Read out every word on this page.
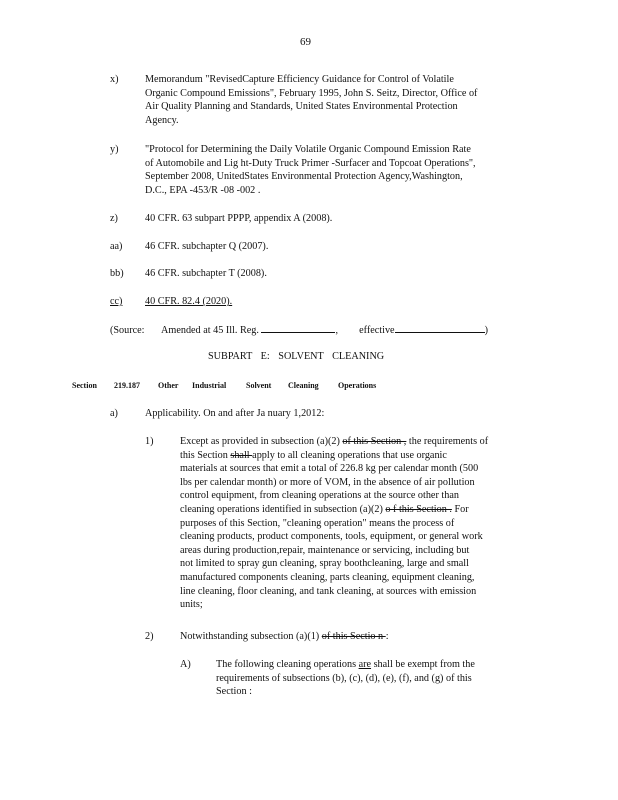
69
x)	Memorandum "RevisedCapture Efficiency Guidance for Control of Volatile
Organic Compound Emissions", February 1995, John S. Seitz, Director, Office of
Air Quality Planning and Standards, United States Environmental Protection
Agency.
y)	"Protocol for Determining the Daily Volatile Organic Compound Emission Rate
of Automobile and Lig ht-Duty Truck Primer -Surfacer and Topcoat Operations",
September 2008, UnitedStates Environmental Protection Agency,Washington,
D.C., EPA -453/R -08 -002 .
z)	40 CFR. 63 subpart PPPP, appendix A (2008).
aa) 46 CFR. subchapter Q (2007).
bb) 46 CFR. subchapter T (2008).
cc) 40 CFR. 82.4 (2020).
(Source: Amended at 45 Ill. Reg.	, effective	)
SUBPART E: SOLVENT CLEANING
Section 219.187 Other Industrial Solvent Cleaning Operations
a)	Applicability. On and after Ja nuary 1,2012:
1)	Except as provided in subsection (a)(2) of this Section , the requirements of
this Section shall apply to all cleaning operations that use organic
materials at sources that emit a total of 226.8 kg per calendar month (500
lbs per calendar month) or more of VOM, in the absence of air pollution
control equipment, from cleaning operations at the source other than
cleaning operations identified in subsection (a)(2) o f this Section . For
purposes of this Section, "cleaning operation" means the process of
cleaning products, product components, tools, equipment, or general work
areas during production,repair, maintenance or servicing, including but
not limited to spray gun cleaning, spray boothcleaning, large and small
manufactured components cleaning, parts cleaning, equipment cleaning,
line cleaning, floor cleaning, and tank cleaning, at sources with emission
units;
2)	Notwithstanding subsection (a)(1) of this Sectio n :
A) The following cleaning operations are shall be exempt from the
requirements of subsections (b), (c), (d), (e), (f), and (g) of this
Section :
